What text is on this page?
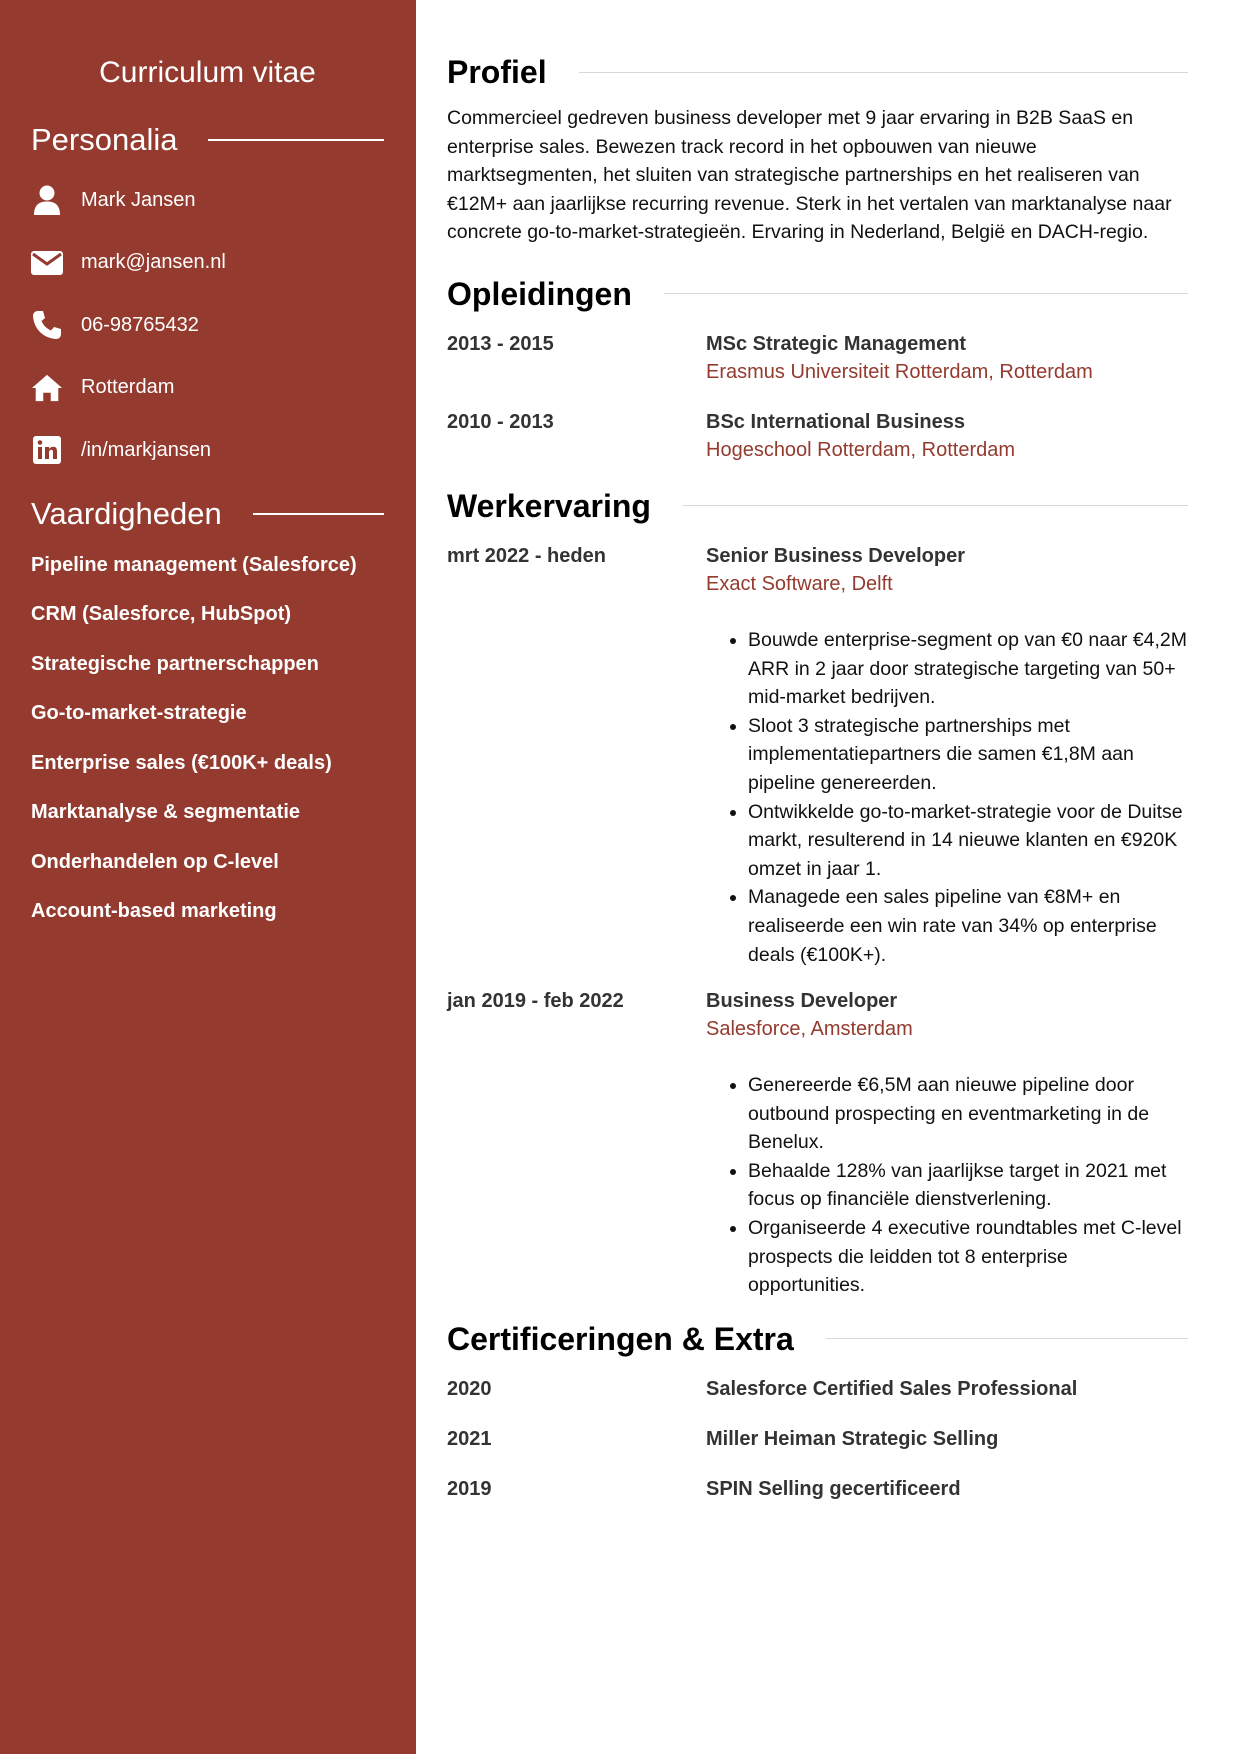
Curriculum vitae
Personalia
Mark Jansen
mark@jansen.nl
06-98765432
Rotterdam
/in/markjansen
Vaardigheden
Pipeline management (Salesforce)
CRM (Salesforce, HubSpot)
Strategische partnerschappen
Go-to-market-strategie
Enterprise sales (€100K+ deals)
Marktanalyse & segmentatie
Onderhandelen op C-level
Account-based marketing
Profiel

Commercieel gedreven business developer met 9 jaar ervaring in B2B SaaS en enterprise sales. Bewezen track record in het opbouwen van nieuwe marktsegmenten, het sluiten van strategische partnerships en het realiseren van €12M+ aan jaarlijkse recurring revenue. Sterk in het vertalen van marktanalyse naar concrete go-to-market-strategieën. Ervaring in Nederland, België en DACH-regio.

Opleidingen
2013 - 2015	MSc Strategic Management
Erasmus Universiteit Rotterdam, Rotterdam
2010 - 2013	BSc International Business
Hogeschool Rotterdam, Rotterdam
Werkervaring
mrt 2022 - heden	Senior Business Developer
Exact Software, Delft
• Bouwde enterprise-segment op van €0 naar €4,2M ARR in 2 jaar door strategische targeting van 50+ mid-market bedrijven.
• Sloot 3 strategische partnerships met implementatiepartners die samen €1,8M aan pipeline genereerden.
• Ontwikkelde go-to-market-strategie voor de Duitse markt, resulterend in 14 nieuwe klanten en €920K omzet in jaar 1.
• Managede een sales pipeline van €8M+ en realiseerde een win rate van 34% op enterprise deals (€100K+).
jan 2019 - feb 2022	Business Developer
Salesforce, Amsterdam
• Genereerde €6,5M aan nieuwe pipeline door outbound prospecting en eventmarketing in de Benelux.
• Behaalde 128% van jaarlijkse target in 2021 met focus op financiële dienstverlening.
• Organiseerde 4 executive roundtables met C-level prospects die leidden tot 8 enterprise opportunities.
Certificeringen & Extra
2020	Salesforce Certified Sales Professional
2021	Miller Heiman Strategic Selling
2019	SPIN Selling gecertificeerd
